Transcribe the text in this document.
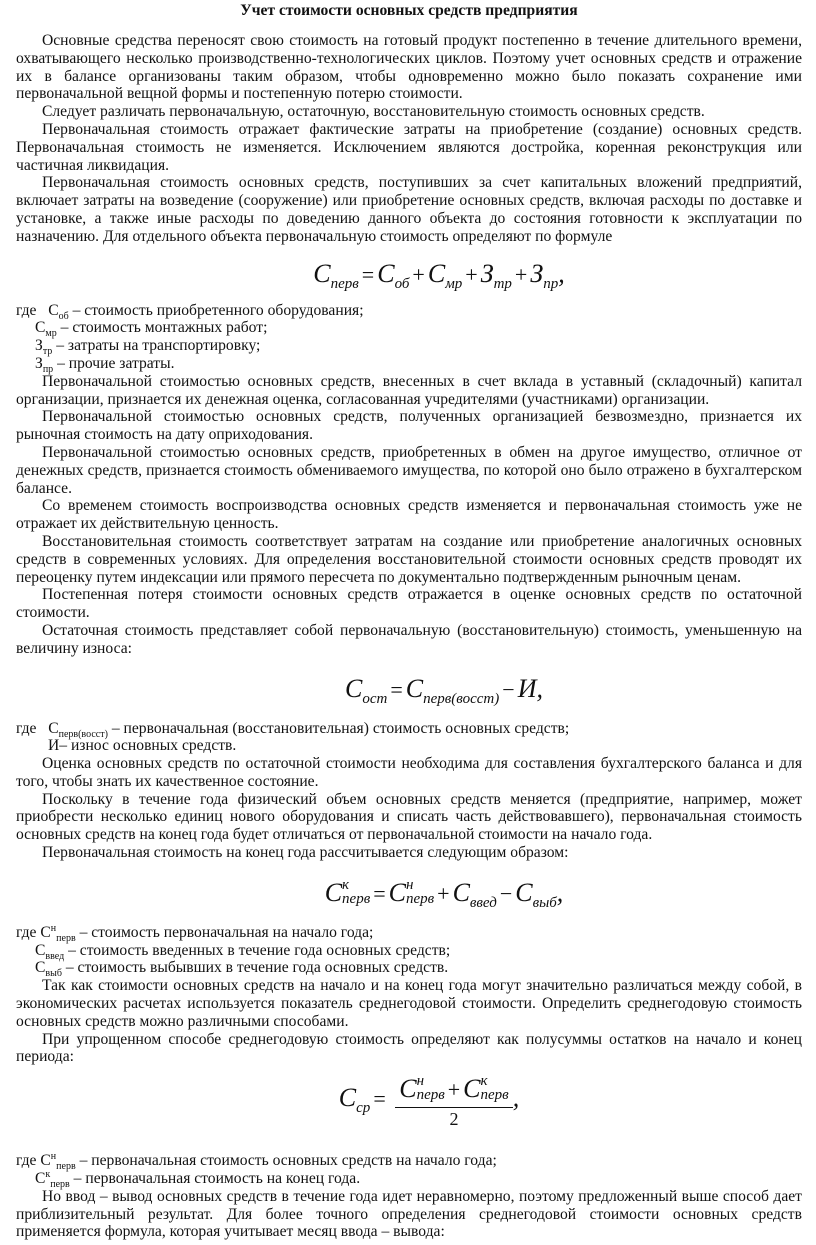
Учет стоимости основных средств предприятия

Основные средства переносят свою стоимость на готовый продукт постепенно в течение длительного времени, охватывающего несколько производственно-технологических циклов. Поэтому учет основных средств и отражение их в балансе организованы таким образом, чтобы одновременно можно было показать сохранение ими первоначальной вещной формы и постепенную потерю стоимости.

Следует различать первоначальную, остаточную, восстановительную стоимость основных средств.

Первоначальная стоимость отражает фактические затраты на приобретение (создание) основных средств. Первоначальная стоимость не изменяется. Исключением являются достройка, коренная реконструкция или частичная ликвидация.

Первоначальная стоимость основных средств, поступивших за счет капитальных вложений предприятий, включает затраты на возведение (сооружение) или приобретение основных средств, включая расходы по доставке и установке, а также иные расходы по доведению данного объекта до состояния готовности к эксплуатации по назначению. Для отдельного объекта первоначальную стоимость определяют по формуле

$C_{перв} = C_{об} + C_{мр} + З_{тр} + З_{пр}$,
где $С_{об}$ – стоимость приобретенного оборудования;
$С_{мр}$ – стоимость монтажных работ;
$З_{тр}$ – затраты на транспортировку;
$З_{пр}$ – прочие затраты.

Первоначальной стоимостью основных средств, внесенных в счет вклада в уставный (складочный) капитал организации, признается их денежная оценка, согласованная учредителями (участниками) организации.

Первоначальной стоимостью основных средств, полученных организацией безвозмездно, признается их рыночная стоимость на дату оприходования.

Первоначальной стоимостью основных средств, приобретенных в обмен на другое имущество, отличное от денежных средств, признается стоимость обмениваемого имущества, по которой оно было отражено в бухгалтерском балансе.

Со временем стоимость воспроизводства основных средств изменяется и первоначальная стоимость уже не отражает их действительную ценность.

Восстановительная стоимость соответствует затратам на создание или приобретение аналогичных основных средств в современных условиях. Для определения восстановительной стоимости основных средств проводят их переоценку путем индексации или прямого пересчета по документально подтвержденным рыночным ценам.

Постепенная потеря стоимости основных средств отражается в оценке основных средств по остаточной стоимости.

Остаточная стоимость представляет собой первоначальную (восстановительную) стоимость, уменьшенную на величину износа:

$C_{ост} = C_{перв(восст)} - И$,
где $С_{перв(восст)}$ – первоначальная (восстановительная) стоимость основных средств;
И– износ основных средств.

Оценка основных средств по остаточной стоимости необходима для составления бухгалтерского баланса и для того, чтобы знать их качественное состояние.

Поскольку в течение года физический объем основных средств меняется (предприятие, например, может приобрести несколько единиц нового оборудования и списать часть действовавшего), первоначальная стоимость основных средств на конец года будет отличаться от первоначальной стоимости на начало года.

Первоначальная стоимость на конец года рассчитывается следующим образом:

C к
перв = C н
перв + $C_{введ} - C_{выб}$,
где $С^н_{перв}$ – стоимость первоначальная на начало года;
$С_{введ}$ – стоимость введенных в течение года основных средств;
$С_{выб}$ – стоимость выбывших в течение года основных средств.

Так как стоимости основных средств на начало и на конец года могут значительно различаться между собой, в экономических расчетах используется показатель среднегодовой стоимости. Определить среднегодовую стоимость основных средств можно различными способами.

При упрощенном способе среднегодовую стоимость определяют как полусуммы остатков на начало и конец периода:

$C_{ср} = C$ н
перв + C к
перв
2 ,
где $С^н_{перв}$ – первоначальная стоимость основных средств на начало года;
$С^к_{перв}$ – первоначальная стоимость на конец года.

Но ввод – вывод основных средств в течение года идет неравномерно, поэтому предложенный выше способ дает приблизительный результат. Для более точного определения среднегодовой стоимости основных средств применяется формула, которая учитывает месяц ввода – вывода:
